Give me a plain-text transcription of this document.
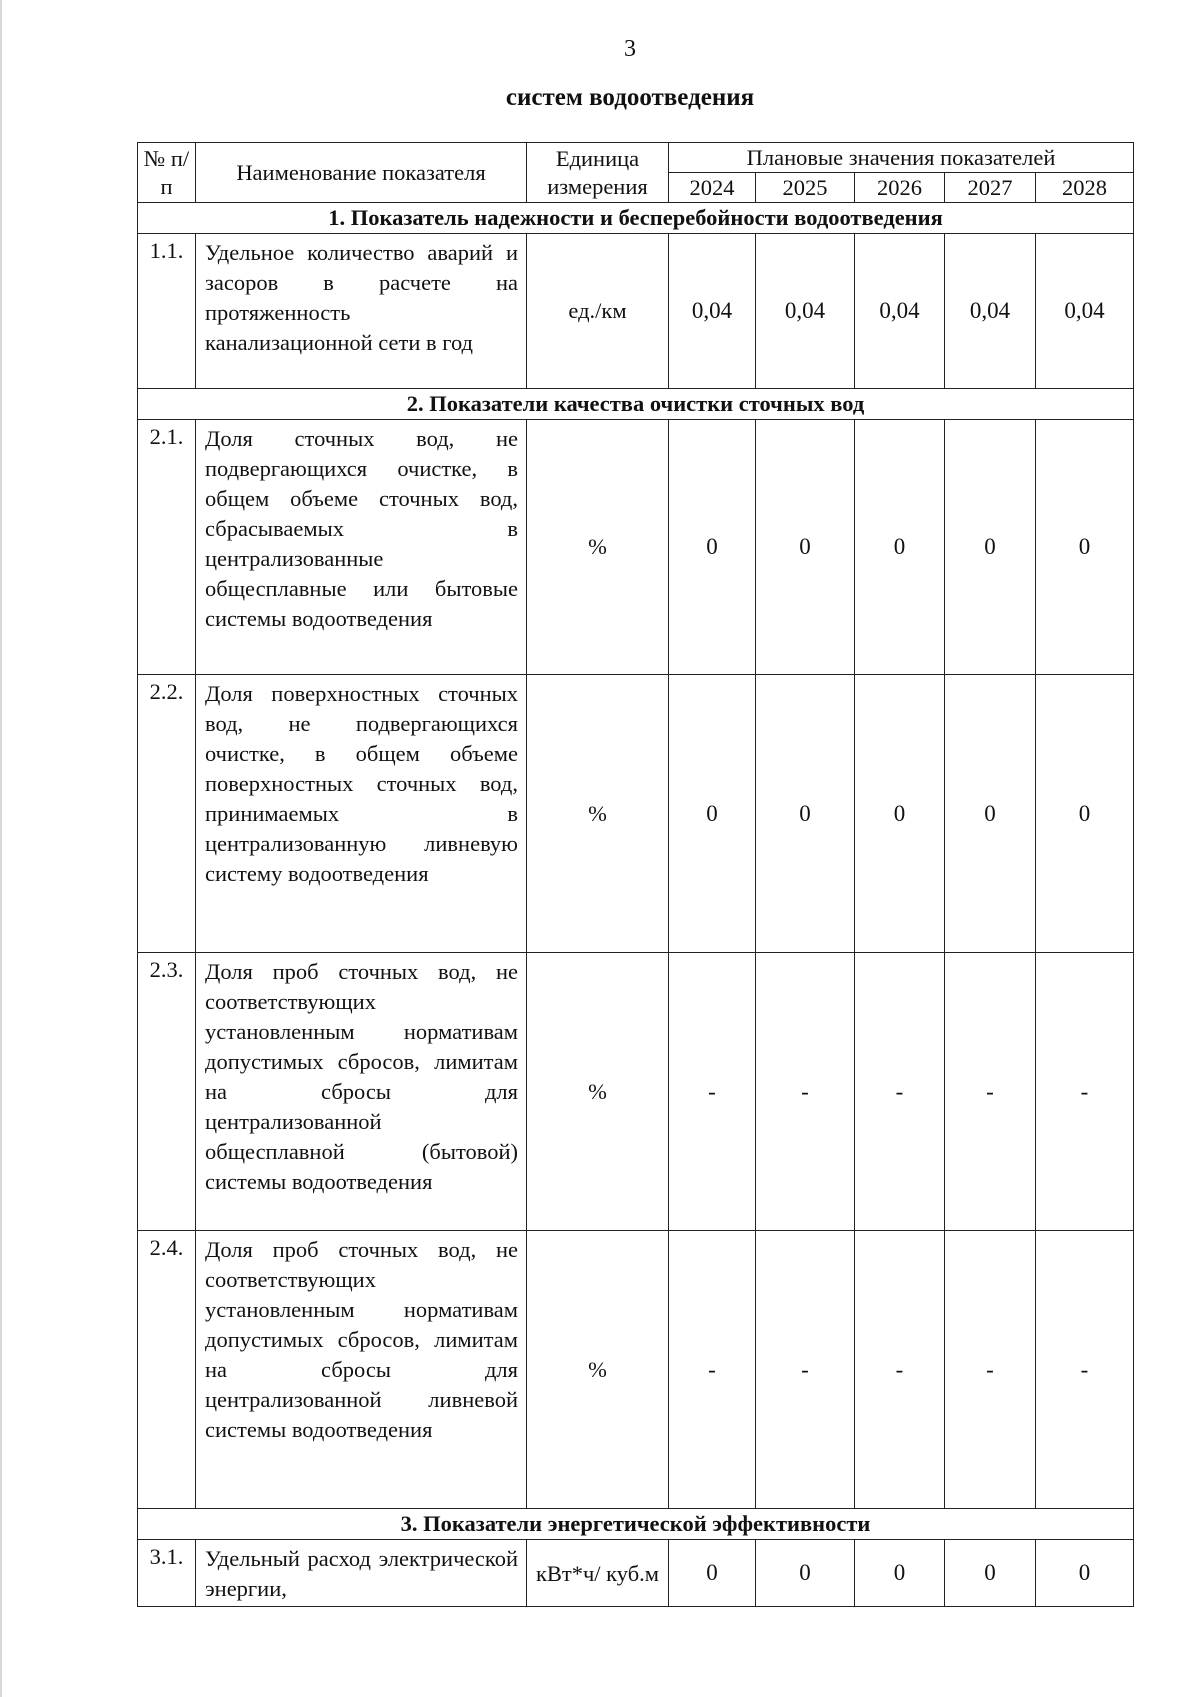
3
систем водоотведения
№ п/п	Наименование показателя	Единица измерения	Плановые значения показателей				
			2024	2025	2026	2027	2028
1. Показатель надежности и бесперебойности водоотведения							
1.1.	Удельное количество аварий и засоров в расчете на протяженность канализационной сети в год	ед./км	0,04	0,04	0,04	0,04	0,04
2. Показатели качества очистки сточных вод							
2.1.	Доля сточных вод, не подвергающихся очистке, в общем объеме сточных вод, сбрасываемых в централизованные общесплавные или бытовые системы водоотведения	%	0	0	0	0	0
2.2.	Доля поверхностных сточных вод, не подвергающихся очистке, в общем объеме поверхностных сточных вод, принимаемых в централизованную ливневую систему водоотведения	%	0	0	0	0	0
2.3.	Доля проб сточных вод, не соответствующих установленным нормативам допустимых сбросов, лимитам на сбросы для централизованной общесплавной (бытовой) системы водоотведения	%	-	-	-	-	-
2.4.	Доля проб сточных вод, не соответствующих установленным нормативам допустимых сбросов, лимитам на сбросы для централизованной ливневой системы водоотведения	%	-	-	-	-	-
3. Показатели энергетической эффективности							
3.1.	Удельный расход электрической энергии,	кВт*ч/ куб.м	0	0	0	0	0
